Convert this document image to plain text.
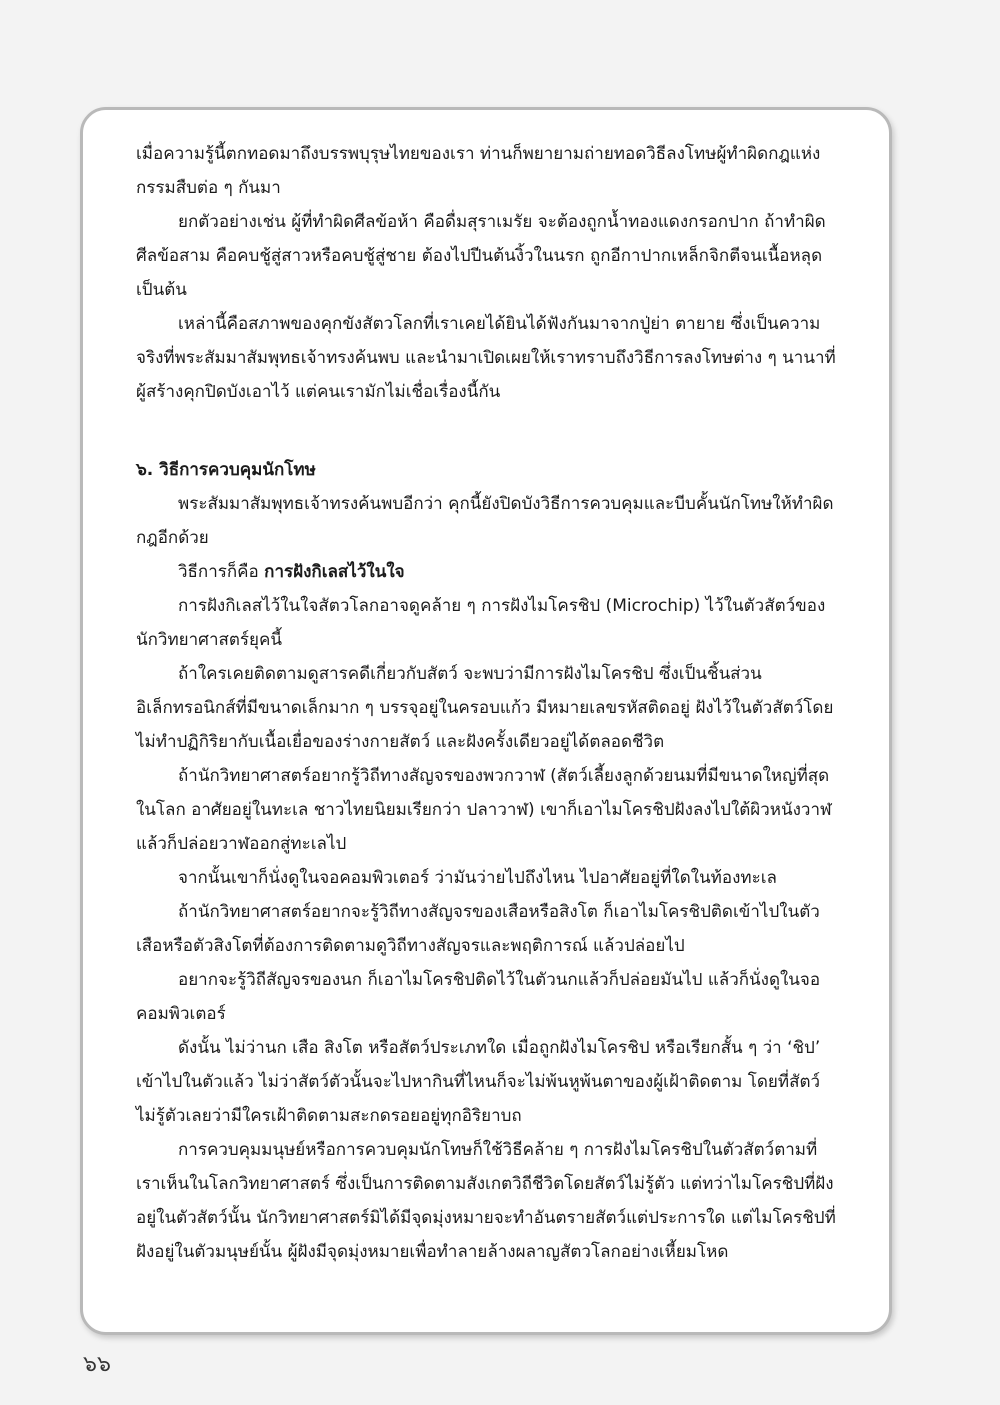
เมื่อความรู้นี้ตกทอดมาถึงบรรพบุรุษไทยของเรา ท่านก็พยายามถ่ายทอดวิธีลงโทษผู้ทำผิดกฎแห่งกรรมสืบต่อ ๆ กันมา

ยกตัวอย่างเช่น ผู้ที่ทำผิดศีลข้อห้า คือดื่มสุราเมรัย จะต้องถูกน้ำทองแดงกรอกปาก ถ้าทำผิดศีลข้อสาม คือคบชู้สู่สาวหรือคบชู้สู่ชาย ต้องไปปีนต้นงิ้วในนรก ถูกอีกาปากเหล็กจิกตีจนเนื้อหลุด เป็นต้น

เหล่านี้คือสภาพของคุกขังสัตวโลกที่เราเคยได้ยินได้ฟังกันมาจากปู่ย่า ตายาย ซึ่งเป็นความจริงที่พระสัมมาสัมพุทธเจ้าทรงค้นพบ และนำมาเปิดเผยให้เราทราบถึงวิธีการลงโทษต่าง ๆ นานาที่ผู้สร้างคุกปิดบังเอาไว้ แต่คนเรามักไม่เชื่อเรื่องนี้กัน

๖. วิธีการควบคุมนักโทษ

พระสัมมาสัมพุทธเจ้าทรงค้นพบอีกว่า คุกนี้ยังปิดบังวิธีการควบคุมและบีบคั้นนักโทษให้ทำผิดกฎอีกด้วย

วิธีการก็คือ การฝังกิเลสไว้ในใจ

การฝังกิเลสไว้ในใจสัตวโลกอาจดูคล้าย ๆ การฝังไมโครชิป (Microchip) ไว้ในตัวสัตว์ของนักวิทยาศาสตร์ยุคนี้

ถ้าใครเคยติดตามดูสารคดีเกี่ยวกับสัตว์ จะพบว่ามีการฝังไมโครชิป ซึ่งเป็นชิ้นส่วนอิเล็กทรอนิกส์ที่มีขนาดเล็กมาก ๆ บรรจุอยู่ในครอบแก้ว มีหมายเลขรหัสติดอยู่ ฝังไว้ในตัวสัตว์โดยไม่ทำปฏิกิริยากับเนื้อเยื่อของร่างกายสัตว์ และฝังครั้งเดียวอยู่ได้ตลอดชีวิต

ถ้านักวิทยาศาสตร์อยากรู้วิถีทางสัญจรของพวกวาฬ (สัตว์เลี้ยงลูกด้วยนมที่มีขนาดใหญ่ที่สุดในโลก อาศัยอยู่ในทะเล ชาวไทยนิยมเรียกว่า ปลาวาฬ) เขาก็เอาไมโครชิปฝังลงไปใต้ผิวหนังวาฬ แล้วก็ปล่อยวาฬออกสู่ทะเลไป

จากนั้นเขาก็นั่งดูในจอคอมพิวเตอร์ ว่ามันว่ายไปถึงไหน ไปอาศัยอยู่ที่ใดในท้องทะเล

ถ้านักวิทยาศาสตร์อยากจะรู้วิถีทางสัญจรของเสือหรือสิงโต ก็เอาไมโครชิปติดเข้าไปในตัวเสือหรือตัวสิงโตที่ต้องการติดตามดูวิถีทางสัญจรและพฤติการณ์ แล้วปล่อยไป

อยากจะรู้วิถีสัญจรของนก ก็เอาไมโครชิปติดไว้ในตัวนกแล้วก็ปล่อยมันไป แล้วก็นั่งดูในจอคอมพิวเตอร์

ดังนั้น ไม่ว่านก เสือ สิงโต หรือสัตว์ประเภทใด เมื่อถูกฝังไมโครชิป หรือเรียกสั้น ๆ ว่า ‘ชิป’ เข้าไปในตัวแล้ว ไม่ว่าสัตว์ตัวนั้นจะไปหากินที่ไหนก็จะไม่พ้นหูพ้นตาของผู้เฝ้าติดตาม โดยที่สัตว์ไม่รู้ตัวเลยว่ามีใครเฝ้าติดตามสะกดรอยอยู่ทุกอิริยาบถ

การควบคุมมนุษย์หรือการควบคุมนักโทษก็ใช้วิธีคล้าย ๆ การฝังไมโครชิปในตัวสัตว์ตามที่เราเห็นในโลกวิทยาศาสตร์ ซึ่งเป็นการติดตามสังเกตวิถีชีวิตโดยสัตว์ไม่รู้ตัว แต่ทว่าไมโครชิปที่ฝังอยู่ในตัวสัตว์นั้น นักวิทยาศาสตร์มิได้มีจุดมุ่งหมายจะทำอันตรายสัตว์แต่ประการใด แต่ไมโครชิปที่ฝังอยู่ในตัวมนุษย์นั้น ผู้ฝังมีจุดมุ่งหมายเพื่อทำลายล้างผลาญสัตวโลกอย่างเหี้ยมโหด

๖๖
